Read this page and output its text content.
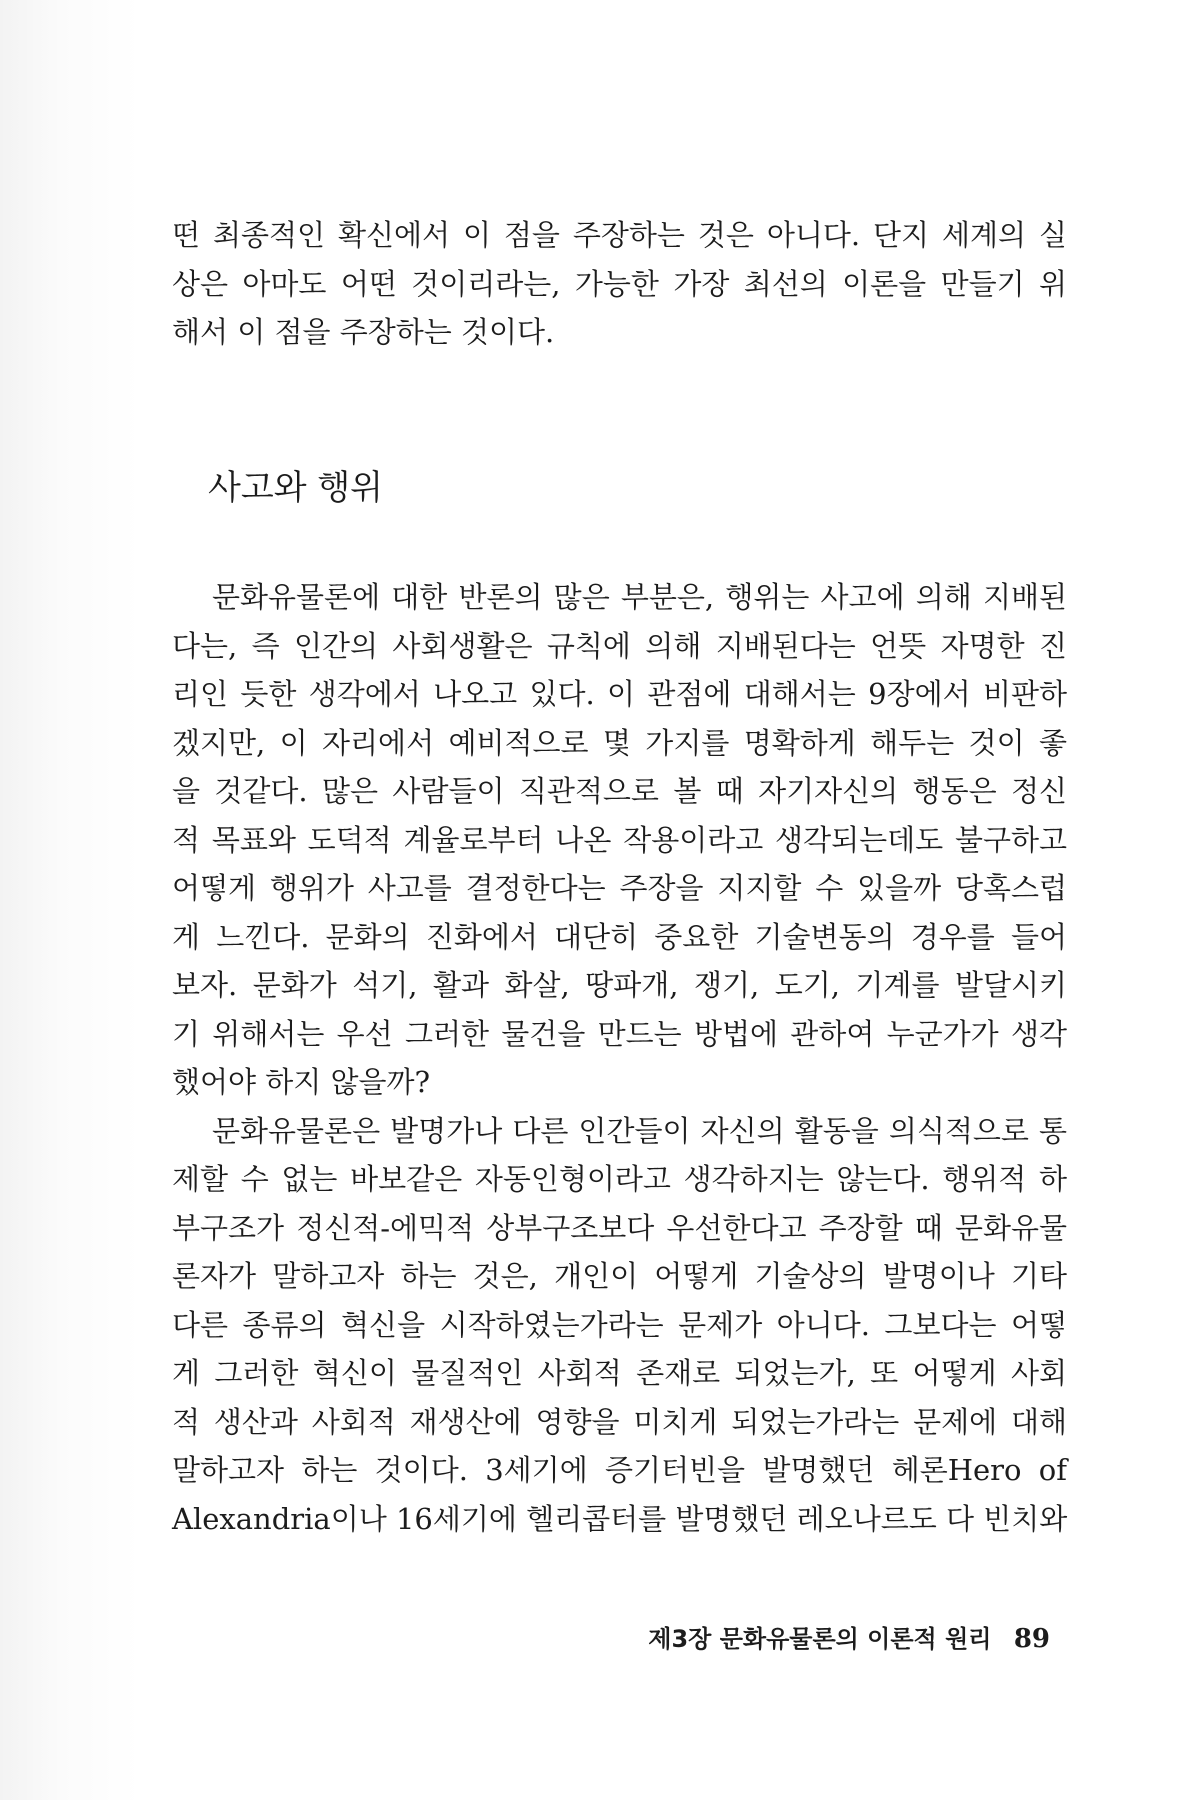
떤 최종적인 확신에서 이 점을 주장하는 것은 아니다. 단지 세계의 실
상은 아마도 어떤 것이리라는, 가능한 가장 최선의 이론을 만들기 위
해서 이 점을 주장하는 것이다.
사고와 행위
문화유물론에 대한 반론의 많은 부분은, 행위는 사고에 의해 지배된
다는, 즉 인간의 사회생활은 규칙에 의해 지배된다는 언뜻 자명한 진
리인 듯한 생각에서 나오고 있다. 이 관점에 대해서는 9장에서 비판하
겠지만, 이 자리에서 예비적으로 몇 가지를 명확하게 해두는 것이 좋
을 것같다. 많은 사람들이 직관적으로 볼 때 자기자신의 행동은 정신
적 목표와 도덕적 계율로부터 나온 작용이라고 생각되는데도 불구하고
어떻게 행위가 사고를 결정한다는 주장을 지지할 수 있을까 당혹스럽
게 느낀다. 문화의 진화에서 대단히 중요한 기술변동의 경우를 들어
보자. 문화가 석기, 활과 화살, 땅파개, 쟁기, 도기, 기계를 발달시키
기 위해서는 우선 그러한 물건을 만드는 방법에 관하여 누군가가 생각
했어야 하지 않을까?
문화유물론은 발명가나 다른 인간들이 자신의 활동을 의식적으로 통
제할 수 없는 바보같은 자동인형이라고 생각하지는 않는다. 행위적 하
부구조가 정신적-에믹적 상부구조보다 우선한다고 주장할 때 문화유물
론자가 말하고자 하는 것은, 개인이 어떻게 기술상의 발명이나 기타
다른 종류의 혁신을 시작하였는가라는 문제가 아니다. 그보다는 어떻
게 그러한 혁신이 물질적인 사회적 존재로 되었는가, 또 어떻게 사회
적 생산과 사회적 재생산에 영향을 미치게 되었는가라는 문제에 대해
말하고자 하는 것이다. 3세기에 증기터빈을 발명했던 헤론Hero of
Alexandria이나 16세기에 헬리콥터를 발명했던 레오나르도 다 빈치와
제3장 문화유물론의 이론적 원리 89
